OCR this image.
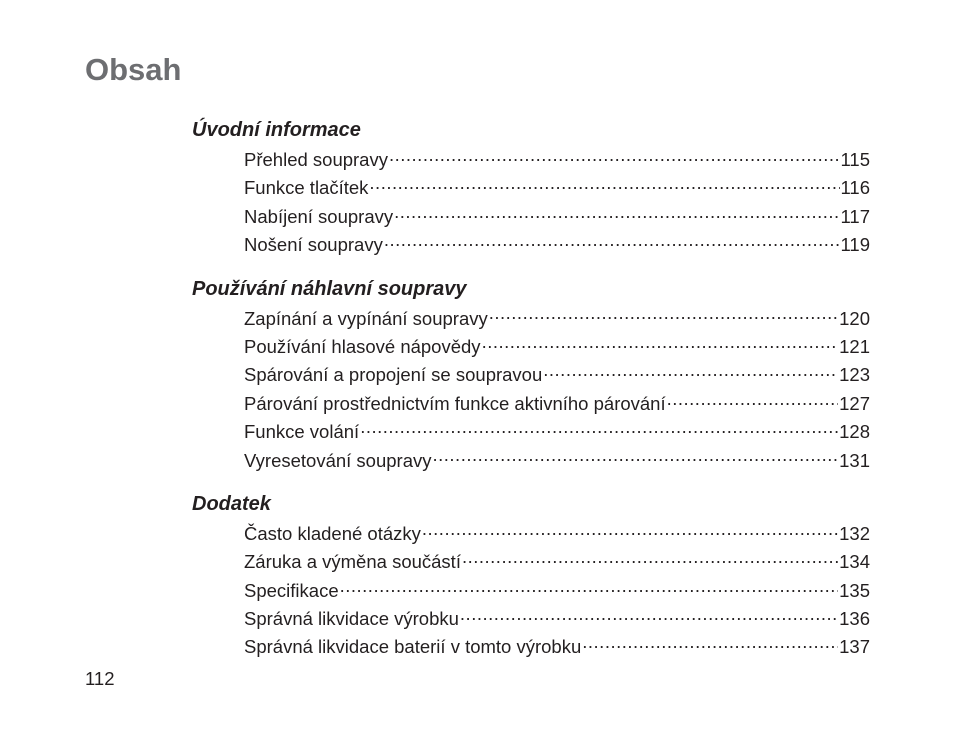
Obsah
Úvodní informace
Přehled soupravy .....	115
Funkce tlačítek .....	116
Nabíjení soupravy .....	117
Nošení soupravy .....	119
Používání náhlavní soupravy
Zapínání a vypínání soupravy .....	120
Používání hlasové nápovědy .....	121
Spárování a propojení se soupravou .....	123
Párování prostřednictvím funkce aktivního párování .....	127
Funkce volání .....	128
Vyresetování soupravy .....	131
Dodatek
Často kladené otázky .....	132
Záruka a výměna součástí .....	134
Specifikace .....	135
Správná likvidace výrobku .....	136
Správná likvidace baterií v tomto výrobku .....	137

112
